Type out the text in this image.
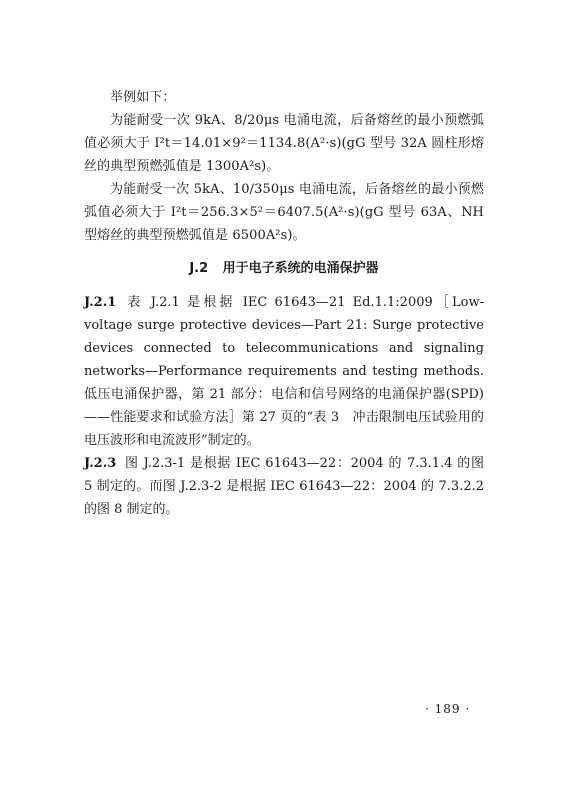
举例如下：

为能耐受一次 9kA、8/20μs 电涌电流，后备熔丝的最小预燃弧值必须大于 I²t＝14.01×9²＝1134.8(A²·s)(gG 型号 32A 圆柱形熔丝的典型预燃弧值是 1300A²s)。

为能耐受一次 5kA、10/350μs 电涌电流，后备熔丝的最小预燃弧值必须大于 I²t＝256.3×5²＝6407.5(A²·s)(gG 型号 63A、NH 型熔丝的典型预燃弧值是 6500A²s)。

J.2 用于电子系统的电涌保护器

J.2.1 表 J.2.1 是根据 IEC 61643—21 Ed.1.1:2009［Low-voltage surge protective devices—Part 21: Surge protective devices connected to telecommunications and signaling networks—Performance requirements and testing methods. 低压电涌保护器，第 21 部分：电信和信号网络的电涌保护器(SPD)——性能要求和试验方法］第 27 页的“表 3　冲击限制电压试验用的电压波形和电流波形”制定的。

J.2.3 图 J.2.3-1 是根据 IEC 61643—22：2004 的 7.3.1.4 的图 5 制定的。而图 J.2.3-2 是根据 IEC 61643—22：2004 的 7.3.2.2 的图 8 制定的。

· 189 ·
